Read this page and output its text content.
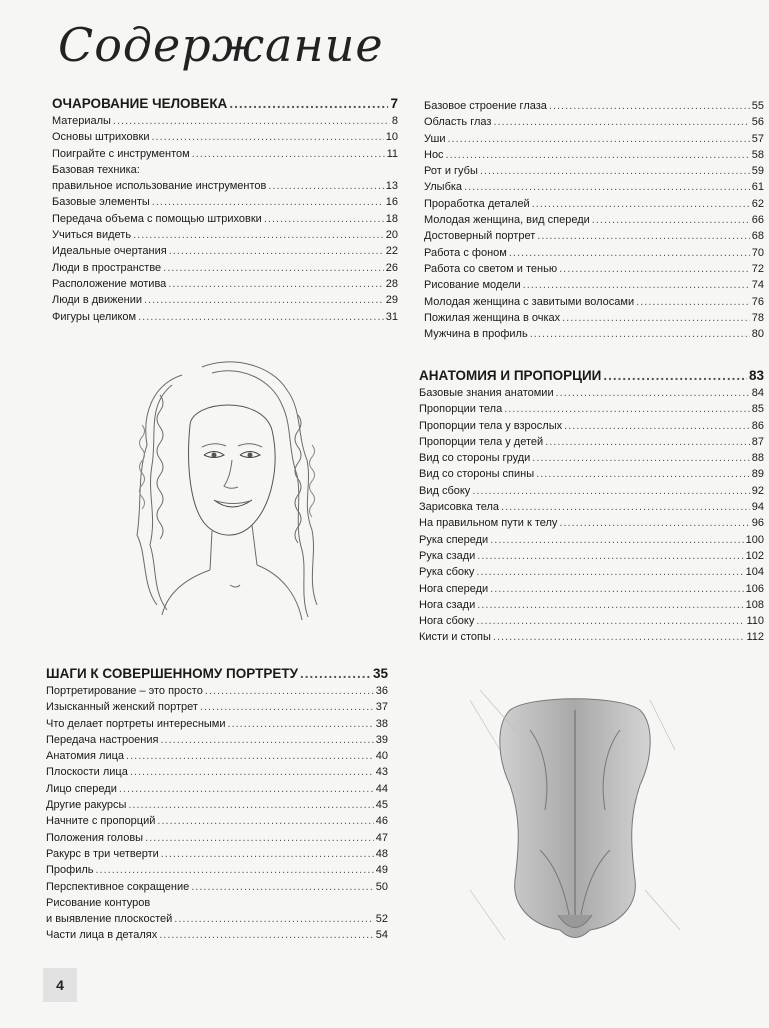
Содержание
ОЧАРОВАНИЕ ЧЕЛОВЕКА .....	7
Материалы .....	8
Основы штриховки .....	10
Поиграйте с инструментом .....	11
Базовая техника:
правильное использование инструментов .....	13
Базовые элементы .....	16
Передача объема с помощью штриховки .....	18
Учиться видеть .....	20
Идеальные очертания .....	22
Люди в пространстве .....	26
Расположение мотива .....	28
Люди в движении .....	29
Фигуры целиком .....	31
ШАГИ К СОВЕРШЕННОМУ ПОРТРЕТУ .....	35
Портретирование – это просто .....	36
Изысканный женский портрет .....	37
Что делает портреты интересными .....	38
Передача настроения .....	39
Анатомия лица .....	40
Плоскости лица .....	43
Лицо спереди .....	44
Другие ракурсы .....	45
Начните с пропорций .....	46
Положения головы .....	47
Ракурс в три четверти .....	48
Профиль .....	49
Перспективное сокращение .....	50
Рисование контуров
и выявление плоскостей .....	52
Части лица в деталях .....	54
Базовое строение глаза .....	55
Область глаз .....	56
Уши .....	57
Нос .....	58
Рот и губы .....	59
Улыбка .....	61
Проработка деталей .....	62
Молодая женщина, вид спереди .....	66
Достоверный портрет .....	68
Работа с фоном .....	70
Работа со светом и тенью .....	72
Рисование модели .....	74
Молодая женщина с завитыми волосами .....	76
Пожилая женщина в очках .....	78
Мужчина в профиль .....	80
АНАТОМИЯ И ПРОПОРЦИИ .....	83
Базовые знания анатомии .....	84
Пропорции тела .....	85
Пропорции тела у взрослых .....	86
Пропорции тела у детей .....	87
Вид со стороны груди .....	88
Вид со стороны спины .....	89
Вид сбоку .....	92
Зарисовка тела .....	94
На правильном пути к телу .....	96
Рука спереди .....	100
Рука сзади .....	102
Рука сбоку .....	104
Нога спереди .....	106
Нога сзади .....	108
Нога сбоку .....	110
Кисти и стопы .....	112
4
